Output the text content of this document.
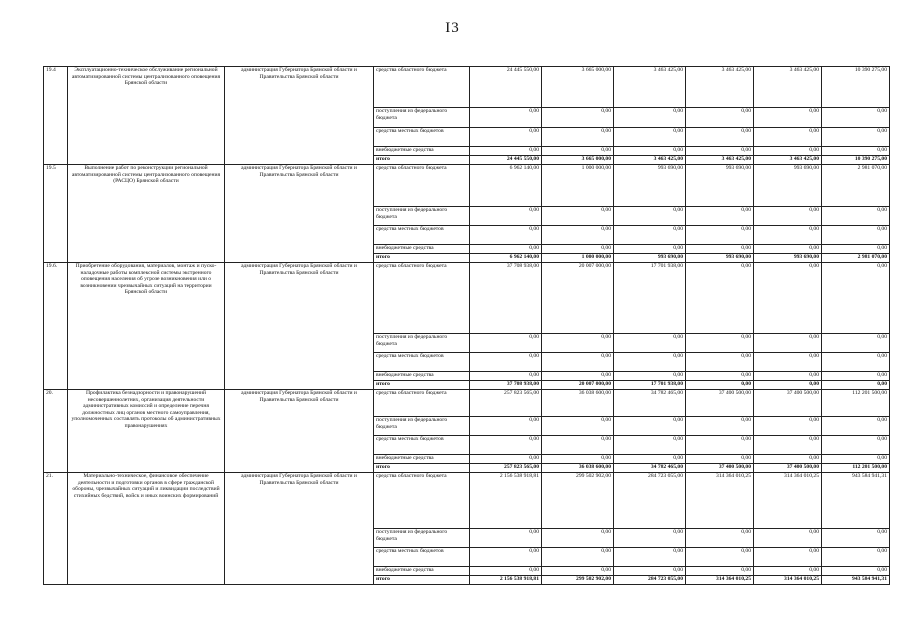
I3
19.4	Эксплуатационно-техническое обслуживание региональной автоматизированной системы централизованного оповещения Брянской области	администрация Губернатора Брянской области и Правительства Брянской области	средства областного бюджета	24 445 550,00	3 665 000,00	3 463 425,00	3 463 425,00	3 463 425,00	10 390 275,00
			поступления из федерального бюджета	0,00	0,00	0,00	0,00	0,00	0,00
			средства местных бюджетов	0,00	0,00	0,00	0,00	0,00	0,00
			внебюджетные средства	0,00	0,00	0,00	0,00	0,00	0,00
			итого	24 445 550,00	3 665 000,00	3 463 425,00	3 463 425,00	3 463 425,00	10 390 275,00
19.5	Выполнение работ по реконструкции региональной автоматизированной системы централизованного оповещения (РАСЦО) Брянской области	администрация Губернатора Брянской области и Правительства Брянской области	средства областного бюджета	6 962 140,00	1 000 000,00	993 690,00	993 690,00	993 690,00	2 981 070,00
			поступления из федерального бюджета	0,00	0,00	0,00	0,00	0,00	0,00
			средства местных бюджетов	0,00	0,00	0,00	0,00	0,00	0,00
			внебюджетные средства	0,00	0,00	0,00	0,00	0,00	0,00
			итого	6 962 140,00	1 000 000,00	993 690,00	993 690,00	993 690,00	2 981 070,00
19.6.	Приобретение оборудования, материалов, монтаж и пуско-наладочные работы комплексной системы экстренного оповещения населения об угрозе возникновения или о возникновении чрезвычайных ситуаций на территории Брянской области	администрация Губернатора Брянской области и Правительства Брянской области	средства областного бюджета	37 708 938,00	20 007 000,00	17 701 938,00	0,00	0,00	0,00
			поступления из федерального бюджета	0,00	0,00	0,00	0,00	0,00	0,00
			средства местных бюджетов	0,00	0,00	0,00	0,00	0,00	0,00
			внебюджетные средства	0,00	0,00	0,00	0,00	0,00	0,00
			итого	37 708 938,00	20 007 000,00	17 701 938,00	0,00	0,00	0,00
20.	Профилактика безнадзорности и правонарушений несовершеннолетних, организация деятельности административных комиссий и определение перечня должностных лиц органов местного самоуправления, уполномоченных составлять протоколы об административных правонарушениях	администрация Губернатора Брянской области и Правительства Брянской области	средства областного бюджета	257 823 565,00	36 038 600,00	34 782 465,00	37 400 500,00	37 400 500,00	112 201 500,00
			поступления из федерального бюджета	0,00	0,00	0,00	0,00	0,00	0,00
			средства местных бюджетов	0,00	0,00	0,00	0,00	0,00	0,00
			внебюджетные средства	0,00	0,00	0,00	0,00	0,00	0,00
			итого	257 823 565,00	36 038 600,00	34 782 465,00	37 400 500,00	37 400 500,00	112 201 500,00
21.	Материально-техническое, финансовое обеспечение деятельности и подготовки органов в сфере гражданской обороны, чрезвычайных ситуаций и ликвидации последствий стихийных бедствий, войск и иных воинских формирований	администрация Губернатора Брянской области и Правительства Брянской области	средства областного бюджета	2 156 538 918,81	299 502 902,00	284 723 055,00	314 364 010,25	314 364 010,25	943 584 941,31
			поступления из федерального бюджета	0,00	0,00	0,00	0,00	0,00	0,00
			средства местных бюджетов	0,00	0,00	0,00	0,00	0,00	0,00
			внебюджетные средства	0,00	0,00	0,00	0,00	0,00	0,00
			итого	2 156 538 918,81	299 502 902,00	284 723 055,00	314 364 010,25	314 364 010,25	943 584 941,31
